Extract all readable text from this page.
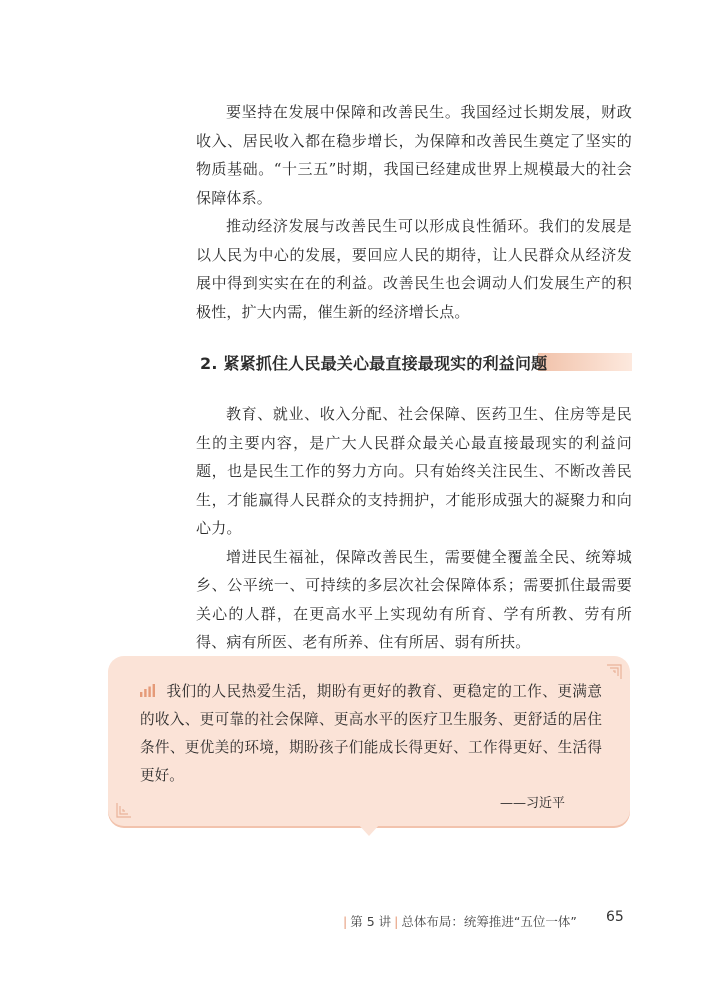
要坚持在发展中保障和改善民生。我国经过长期发展，财政收入、居民收入都在稳步增长，为保障和改善民生奠定了坚实的物质基础。“十三五”时期，我国已经建成世界上规模最大的社会保障体系。

推动经济发展与改善民生可以形成良性循环。我们的发展是以人民为中心的发展，要回应人民的期待，让人民群众从经济发展中得到实实在在的利益。改善民生也会调动人们发展生产的积极性，扩大内需，催生新的经济增长点。

2. 紧紧抓住人民最关心最直接最现实的利益问题

教育、就业、收入分配、社会保障、医药卫生、住房等是民生的主要内容，是广大人民群众最关心最直接最现实的利益问题，也是民生工作的努力方向。只有始终关注民生、不断改善民生，才能赢得人民群众的支持拥护，才能形成强大的凝聚力和向心力。

增进民生福祉，保障改善民生，需要健全覆盖全民、统筹城乡、公平统一、可持续的多层次社会保障体系；需要抓住最需要关心的人群，在更高水平上实现幼有所育、学有所教、劳有所得、病有所医、老有所养、住有所居、弱有所扶。

我们的人民热爱生活，期盼有更好的教育、更稳定的工作、更满意的收入、更可靠的社会保障、更高水平的医疗卫生服务、更舒适的居住条件、更优美的环境，期盼孩子们能成长得更好、工作得更好、生活得更好。
——习近平
| 第 5 讲 | 总体布局：统筹推进“五位一体” 65
